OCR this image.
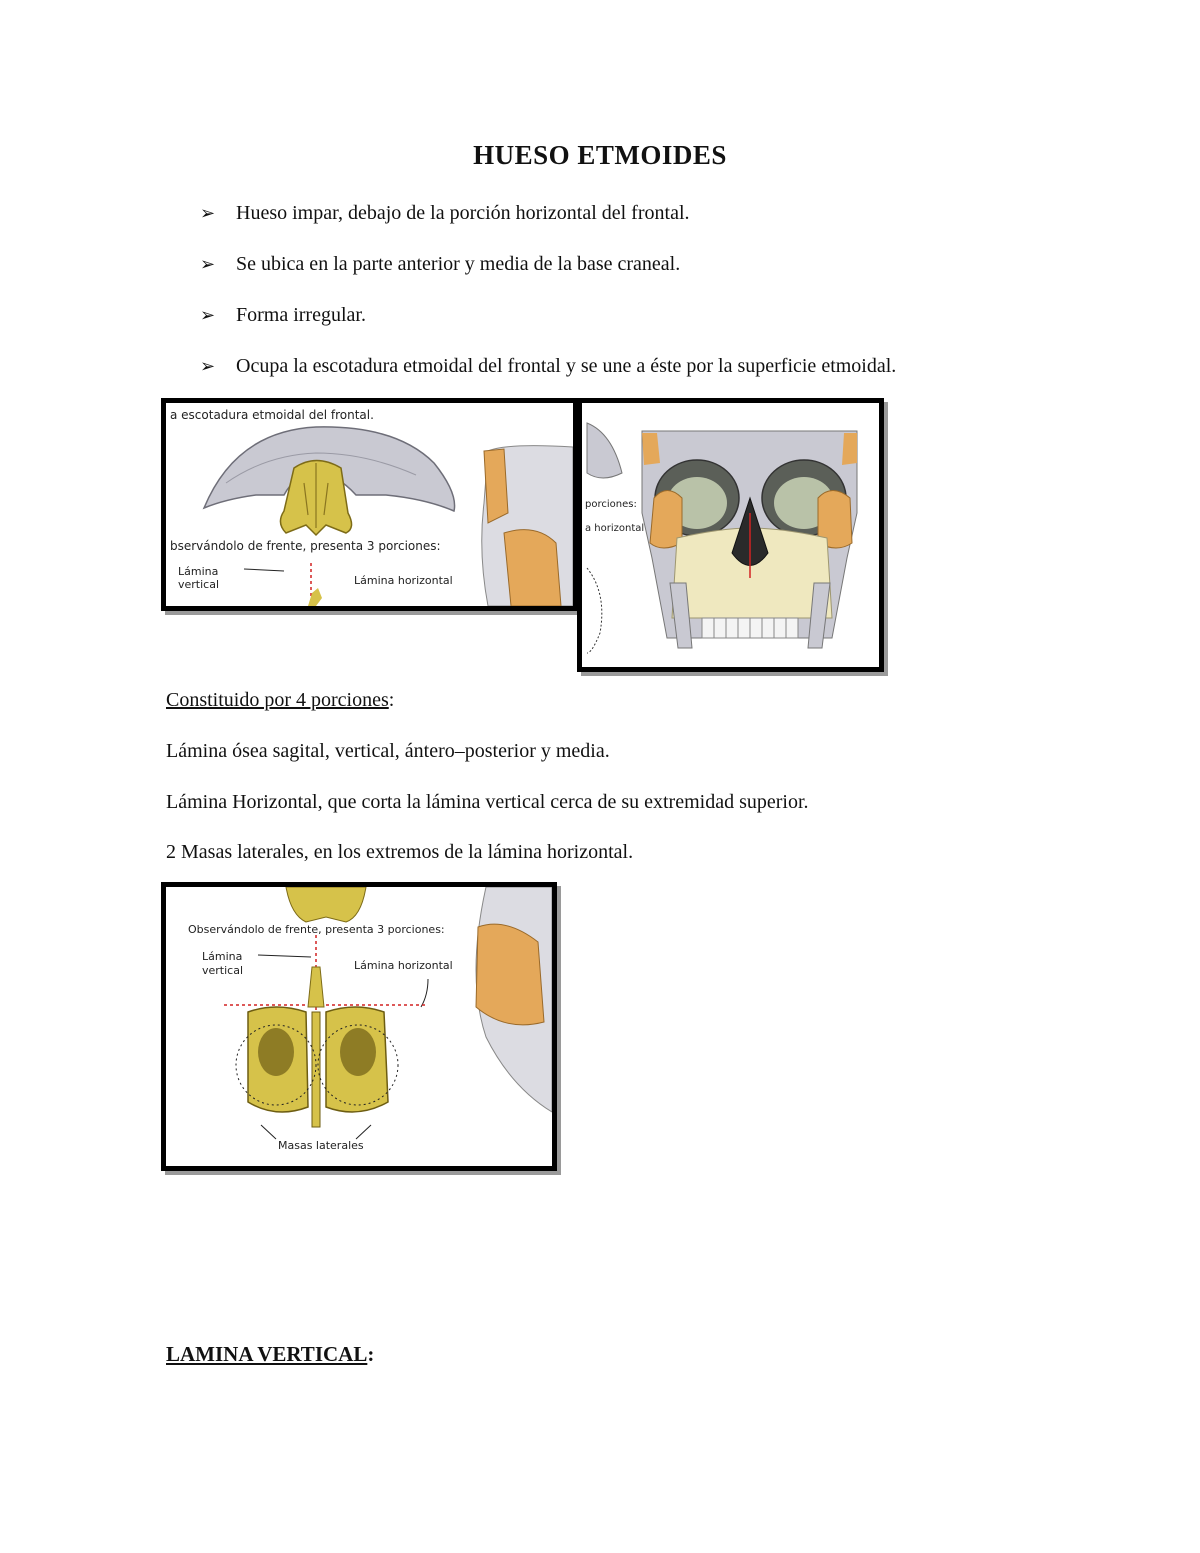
HUESO ETMOIDES
➢	Hueso impar, debajo de la porción horizontal del frontal.
➢	Se ubica en la parte anterior y media de la base craneal.
➢	Forma irregular.
➢	Ocupa la escotadura etmoidal del frontal y se une a éste por la superficie etmoidal.
a escotadura etmoidal del frontal.
bservándolo de frente, presenta 3 porciones:
Lámina
vertical	Lámina horizontal
porciones:
a horizontal
Constituido por 4 porciones:
Lámina ósea sagital, vertical, ántero–posterior y media.
Lámina Horizontal, que corta la lámina vertical cerca de su extremidad superior.
2 Masas laterales, en los extremos de la lámina horizontal.
Observándolo de frente, presenta 3 porciones:
Lámina
vertical	Lámina horizontal
Masas laterales
LAMINA VERTICAL:
